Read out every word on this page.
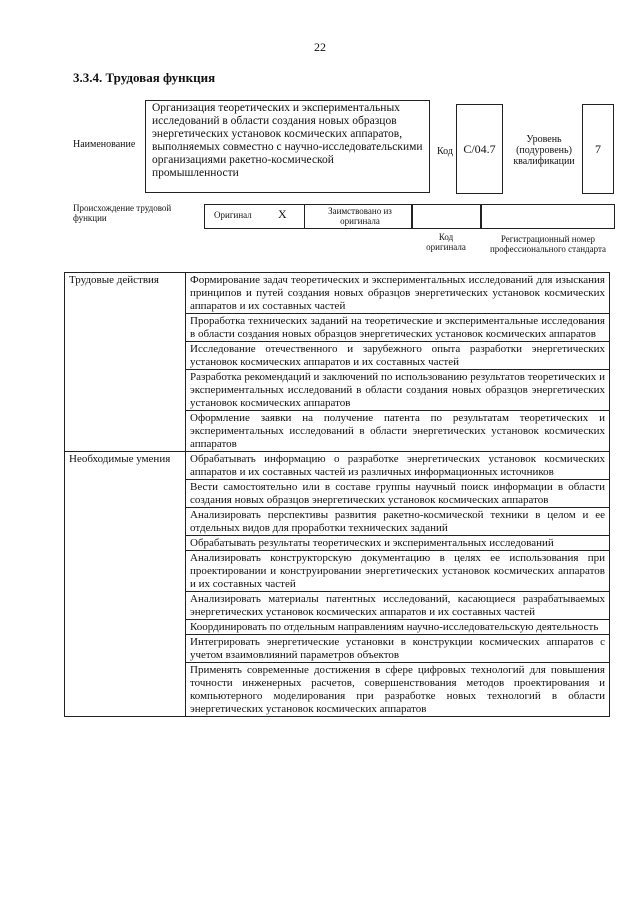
22
3.3.4. Трудовая функция
Наименование
Организация теоретических и экспериментальных исследований в области создания новых образцов энергетических установок космических аппаратов, выполняемых совместно с научно-исследовательскими организациями ракетно-космической промышленности
Код C/04.7
Уровень (подуровень) квалификации
7
Происхождение трудовой функции	Оригинал X	Заимствовано из оригинала
Код оригинала
Регистрационный номер профессионального стандарта
Трудовые действия	Формирование задач теоретических и экспериментальных исследований для изыскания принципов и путей создания новых образцов энергетических установок космических аппаратов и их составных частей
	Проработка технических заданий на теоретические и экспериментальные исследования в области создания новых образцов энергетических установок космических аппаратов
	Исследование отечественного и зарубежного опыта разработки энергетических установок космических аппаратов и их составных частей
	Разработка рекомендаций и заключений по использованию результатов теоретических и экспериментальных исследований в области создания новых образцов энергетических установок космических аппаратов
	Оформление заявки на получение патента по результатам теоретических и экспериментальных исследований в области энергетических установок космических аппаратов
Необходимые умения	Обрабатывать информацию о разработке энергетических установок космических аппаратов и их составных частей из различных информационных источников
	Вести самостоятельно или в составе группы научный поиск информации в области создания новых образцов энергетических установок космических аппаратов
	Анализировать перспективы развития ракетно-космической техники в целом и ее отдельных видов для проработки технических заданий
	Обрабатывать результаты теоретических и экспериментальных исследований
	Анализировать конструкторскую документацию в целях ее использования при проектировании и конструировании энергетических установок космических аппаратов и их составных частей
	Анализировать материалы патентных исследований, касающиеся разрабатываемых энергетических установок космических аппаратов и их составных частей
	Координировать по отдельным направлениям научно-исследовательскую деятельность
	Интегрировать энергетические установки в конструкции космических аппаратов с учетом взаимовлияний параметров объектов
	Применять современные достижения в сфере цифровых технологий для повышения точности инженерных расчетов, совершенствования методов проектирования и компьютерного моделирования при разработке новых технологий в области энергетических установок космических аппаратов
